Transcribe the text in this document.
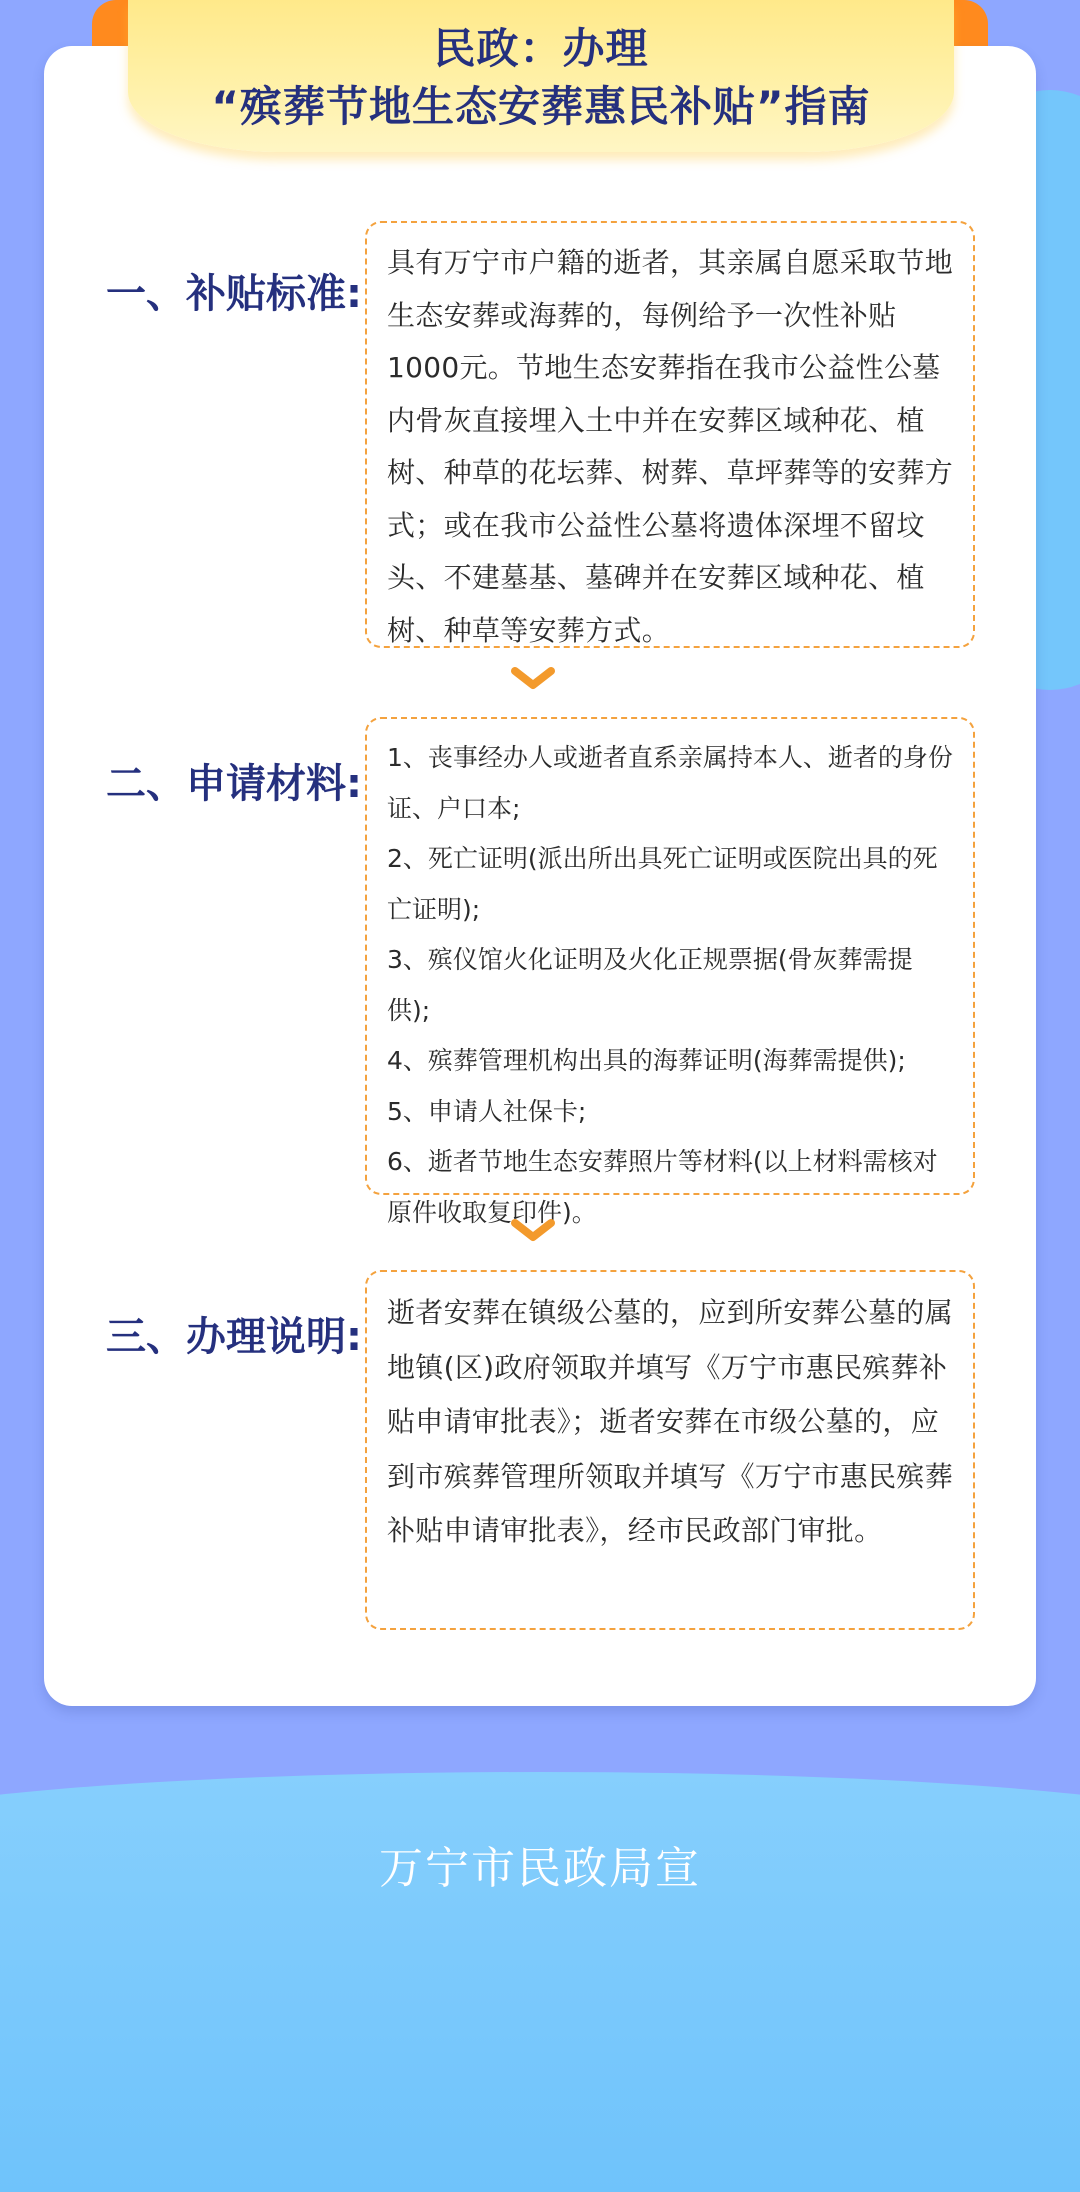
万宁市民政局宣
民政：办理
“殡葬节地生态安葬惠民补贴”指南
一、补贴标准:

具有万宁市户籍的逝者，其亲属自愿采取节地生态安葬或海葬的，每例给予一次性补贴1000元。节地生态安葬指在我市公益性公墓内骨灰直接埋入土中并在安葬区域种花、植树、种草的花坛葬、树葬、草坪葬等的安葬方式；或在我市公益性公墓将遗体深埋不留坟头、不建墓基、墓碑并在安葬区域种花、植树、种草等安葬方式。

二、申请材料:
1、丧事经办人或逝者直系亲属持本人、逝者的身份证、户口本;
2、死亡证明(派出所出具死亡证明或医院出具的死亡证明);
3、殡仪馆火化证明及火化正规票据(骨灰葬需提供);
4、殡葬管理机构出具的海葬证明(海葬需提供);
5、申请人社保卡;
6、逝者节地生态安葬照片等材料(以上材料需核对原件收取复印件)。
三、办理说明:

逝者安葬在镇级公墓的，应到所安葬公墓的属地镇(区)政府领取并填写《万宁市惠民殡葬补贴申请审批表》；逝者安葬在市级公墓的，应到市殡葬管理所领取并填写《万宁市惠民殡葬补贴申请审批表》，经市民政部门审批。
